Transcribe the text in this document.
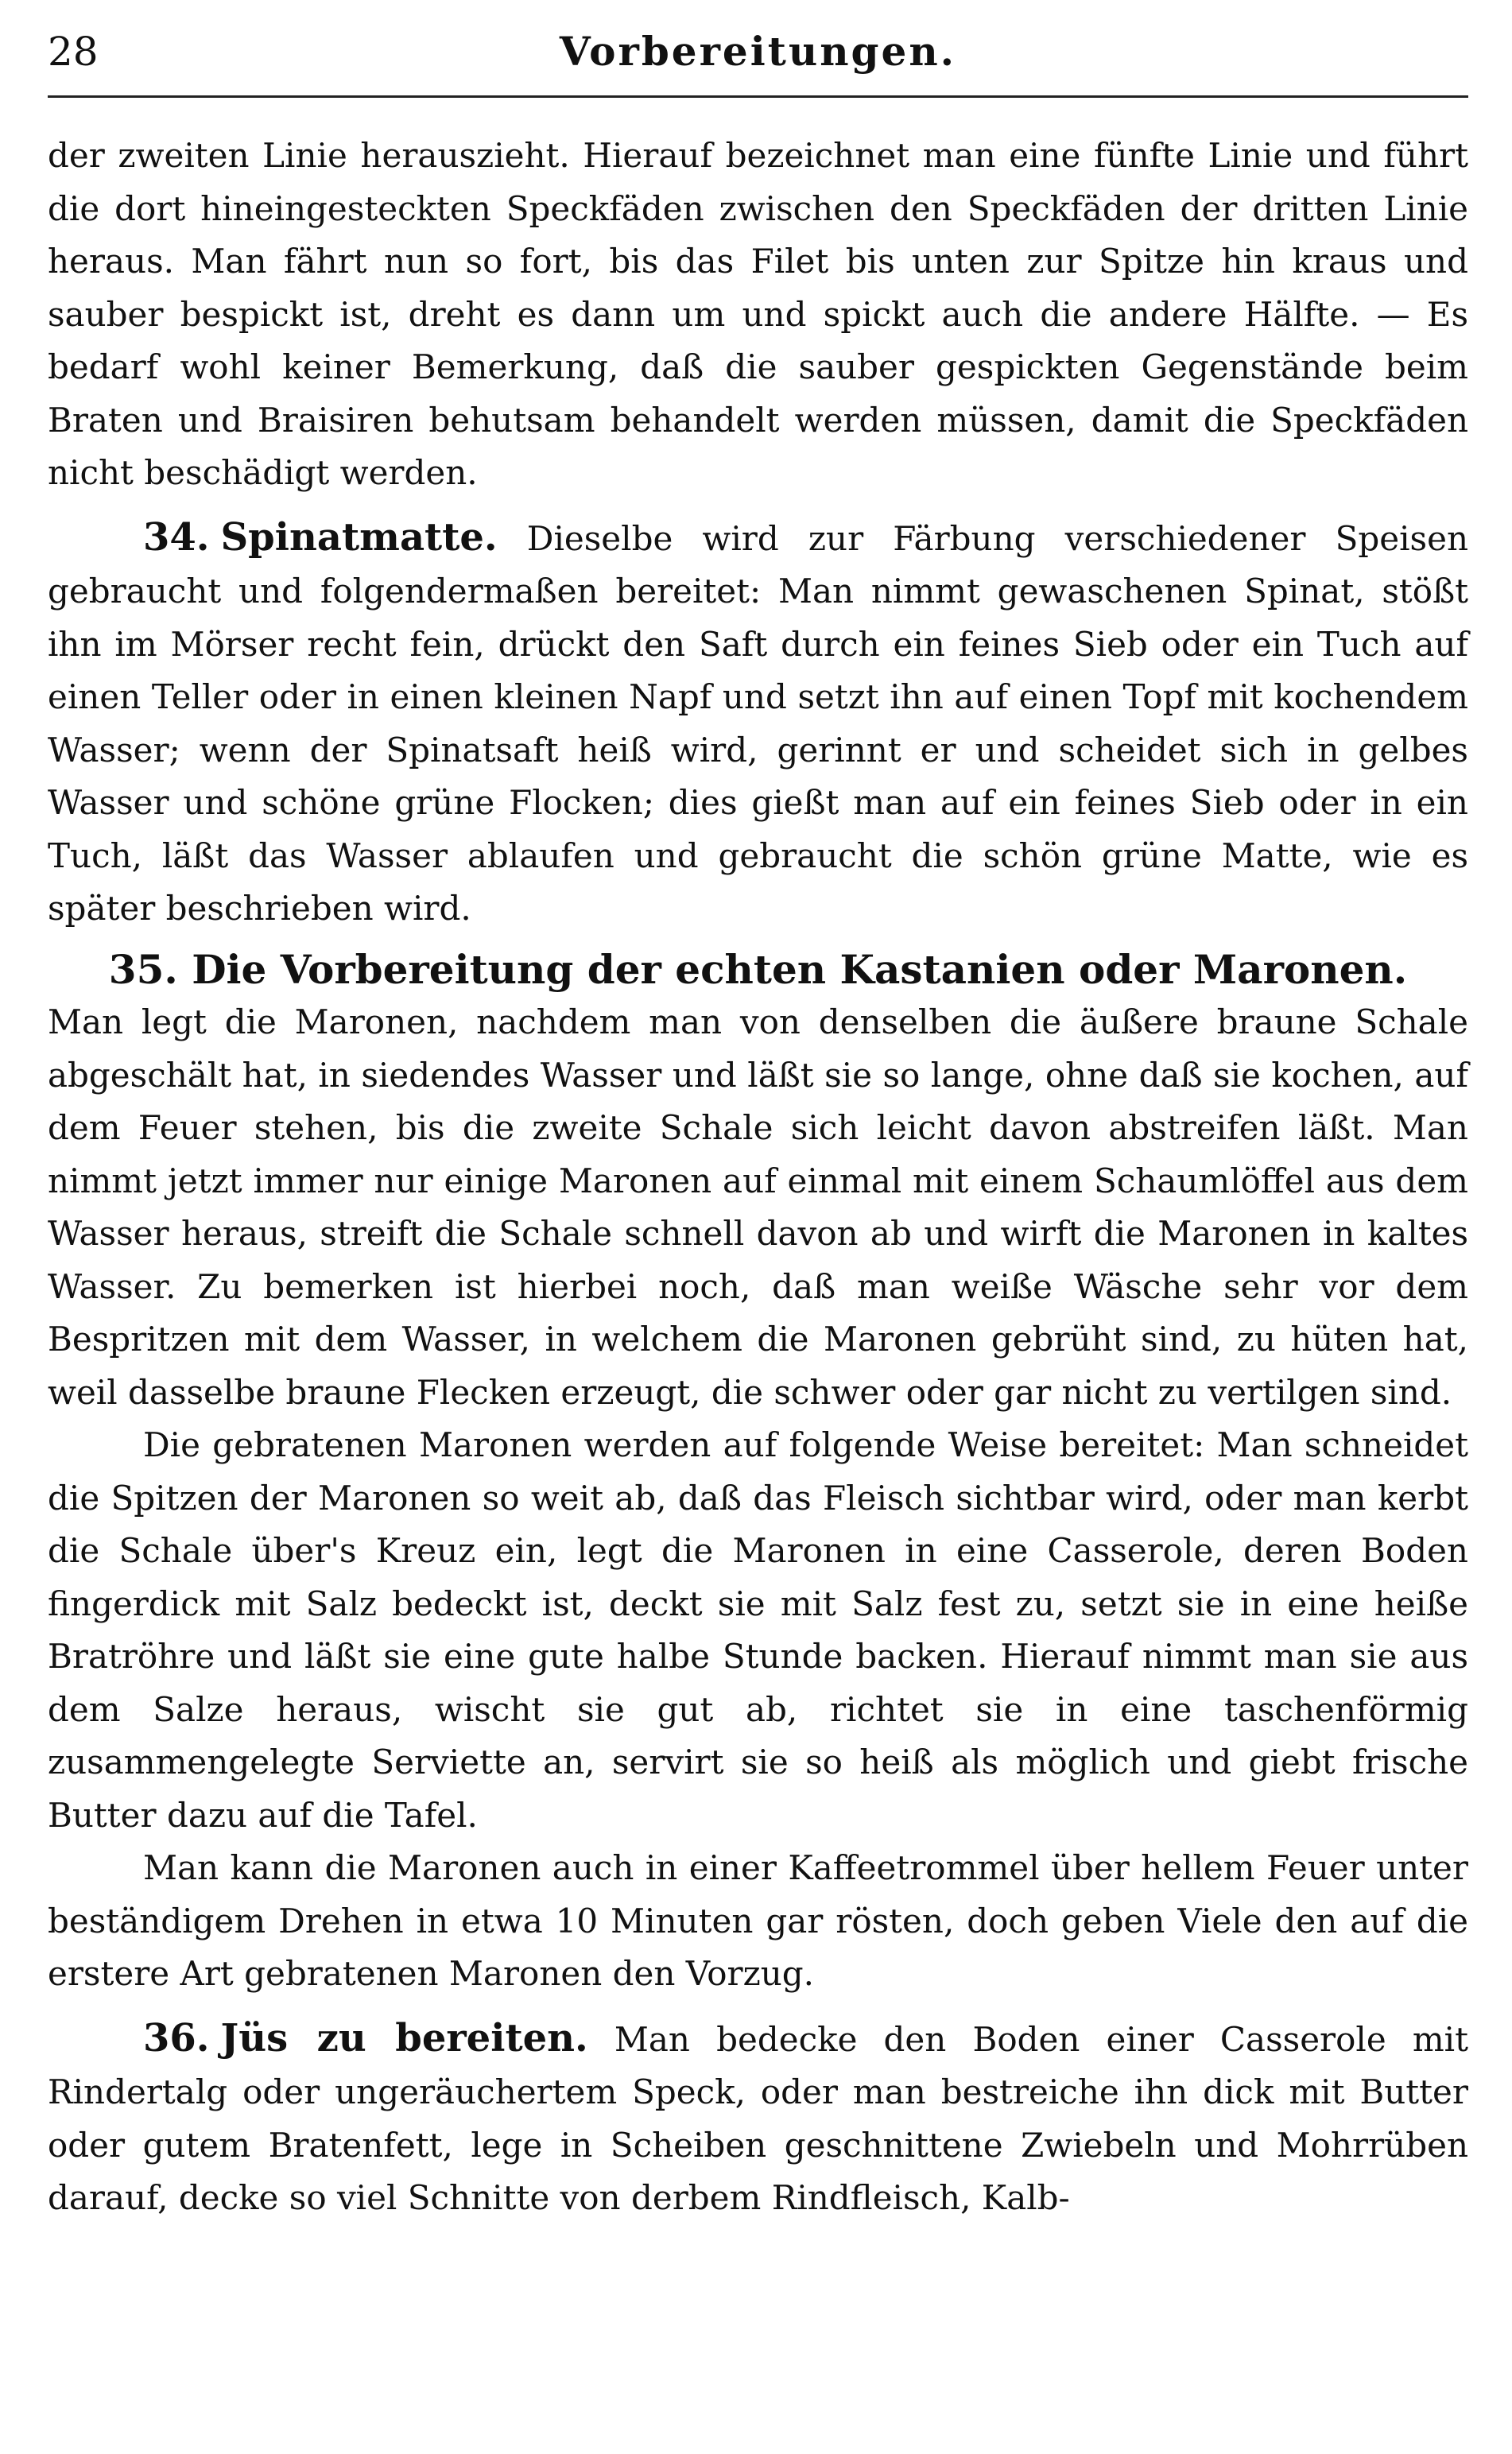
28	Vorbereitungen.

der zweiten Linie herauszieht. Hierauf bezeichnet man eine fünfte Linie und führt die dort hineingesteckten Speckfäden zwischen den Speckfäden der dritten Linie heraus. Man fährt nun so fort, bis das Filet bis unten zur Spitze hin kraus und sauber bespickt ist, dreht es dann um und spickt auch die andere Hälfte. — Es bedarf wohl keiner Bemerkung, daß die sauber gespickten Gegenstände beim Braten und Braisiren behutsam behandelt werden müssen, damit die Speckfäden nicht beschädigt werden.

34. Spinatmatte. Dieselbe wird zur Färbung verschiedener Speisen gebraucht und folgendermaßen bereitet: Man nimmt gewaschenen Spinat, stößt ihn im Mörser recht fein, drückt den Saft durch ein feines Sieb oder ein Tuch auf einen Teller oder in einen kleinen Napf und setzt ihn auf einen Topf mit kochendem Wasser; wenn der Spinatsaft heiß wird, gerinnt er und scheidet sich in gelbes Wasser und schöne grüne Flocken; dies gießt man auf ein feines Sieb oder in ein Tuch, läßt das Wasser ablaufen und gebraucht die schön grüne Matte, wie es später beschrieben wird.

35. Die Vorbereitung der echten Kastanien oder Maronen.

Man legt die Maronen, nachdem man von denselben die äußere braune Schale abgeschält hat, in siedendes Wasser und läßt sie so lange, ohne daß sie kochen, auf dem Feuer stehen, bis die zweite Schale sich leicht davon abstreifen läßt. Man nimmt jetzt immer nur einige Maronen auf einmal mit einem Schaumlöffel aus dem Wasser heraus, streift die Schale schnell davon ab und wirft die Maronen in kaltes Wasser. Zu bemerken ist hierbei noch, daß man weiße Wäsche sehr vor dem Bespritzen mit dem Wasser, in welchem die Maronen gebrüht sind, zu hüten hat, weil dasselbe braune Flecken erzeugt, die schwer oder gar nicht zu vertilgen sind.

Die gebratenen Maronen werden auf folgende Weise bereitet: Man schneidet die Spitzen der Maronen so weit ab, daß das Fleisch sichtbar wird, oder man kerbt die Schale über's Kreuz ein, legt die Maronen in eine Casserole, deren Boden fingerdick mit Salz bedeckt ist, deckt sie mit Salz fest zu, setzt sie in eine heiße Bratröhre und läßt sie eine gute halbe Stunde backen. Hierauf nimmt man sie aus dem Salze heraus, wischt sie gut ab, richtet sie in eine taschenförmig zusammengelegte Serviette an, servirt sie so heiß als möglich und giebt frische Butter dazu auf die Tafel.

Man kann die Maronen auch in einer Kaffeetrommel über hellem Feuer unter beständigem Drehen in etwa 10 Minuten gar rösten, doch geben Viele den auf die erstere Art gebratenen Maronen den Vorzug.

36. Jüs zu bereiten. Man bedecke den Boden einer Casserole mit Rindertalg oder ungeräuchertem Speck, oder man bestreiche ihn dick mit Butter oder gutem Bratenfett, lege in Scheiben geschnittene Zwiebeln und Mohrrüben darauf, decke so viel Schnitte von derbem Rindfleisch, Kalb-
